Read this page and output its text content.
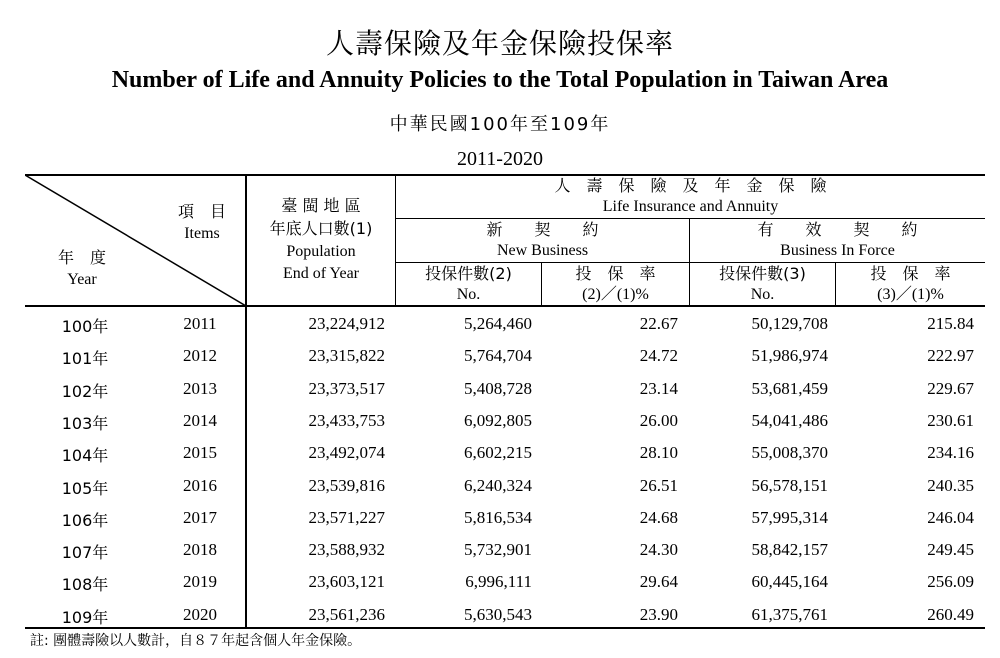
人壽保險及年金保險投保率
Number of Life and Annuity Policies to the Total Population in Taiwan Area
中華民國100年至109年
2011-2020
項　目
Items
年　度
Year
臺 閩 地 區
年底人口數(1)
Population
End of Year
人　壽　保　險　及　年　金　保　險
Life Insurance and Annuity
新　　契　　約
New Business
有　　效　　契　　約
Business In Force
投保件數(2)
No.
投　保　率
(2)／(1)%
投保件數(3)
No.
投　保　率
(3)／(1)%
100年	2011	23,224,912	5,264,460	22.67	50,129,708	215.84
101年	2012	23,315,822	5,764,704	24.72	51,986,974	222.97
102年	2013	23,373,517	5,408,728	23.14	53,681,459	229.67
103年	2014	23,433,753	6,092,805	26.00	54,041,486	230.61
104年	2015	23,492,074	6,602,215	28.10	55,008,370	234.16
105年	2016	23,539,816	6,240,324	26.51	56,578,151	240.35
106年	2017	23,571,227	5,816,534	24.68	57,995,314	246.04
107年	2018	23,588,932	5,732,901	24.30	58,842,157	249.45
108年	2019	23,603,121	6,996,111	29.64	60,445,164	256.09
109年	2020	23,561,236	5,630,543	23.90	61,375,761	260.49
註: 團體壽險以人數計，自８７年起含個人年金保險。
